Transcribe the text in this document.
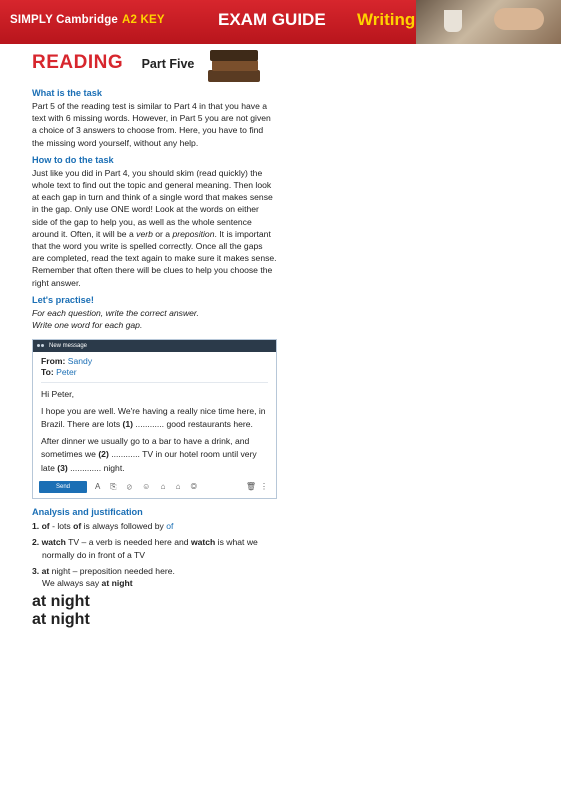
SIMPLY Cambridge A2 KEY	EXAM GUIDE Writing
READING Part Five
What is the task

Part 5 of the reading test is similar to Part 4 in that you have a text with 6 missing words. However, in Part 5 you are not given a choice of 3 answers to choose from. Here, you have to find the missing word yourself, without any help.

How to do the task

Just like you did in Part 4, you should skim (read quickly) the whole text to find out the topic and general meaning. Then look at each gap in turn and think of a single word that makes sense in the gap. Only use ONE word! Look at the words on either side of the gap to help you, as well as the whole sentence around it. Often, it will be a verb or a preposition. It is important that the word you write is spelled correctly. Once all the gaps are completed, read the text again to make sure it makes sense. Remember that often there will be clues to help you choose the right answer.

Let's practise!

For each question, write the correct answer.

Write one word for each gap.

New message
From: Sandy
To: Peter

Hi Peter,

I hope you are well. We're having a really nice time here, in Brazil. There are lots (1) ............ good restaurants here.

After dinner we usually go to a bar to have a drink, and sometimes we (2) ............ TV in our hotel room until very late (3) ............. night.

Send	A ⎘ ⊘ ☺ ⌂ ⌂ ◎	🗑 ⋮
Analysis and justification
1. of - lots of is always followed by of
2. watch TV – a verb is needed here and watch is what we normally do in front of a TV
3. at night – preposition needed here.
We always say at night
at night
at night
